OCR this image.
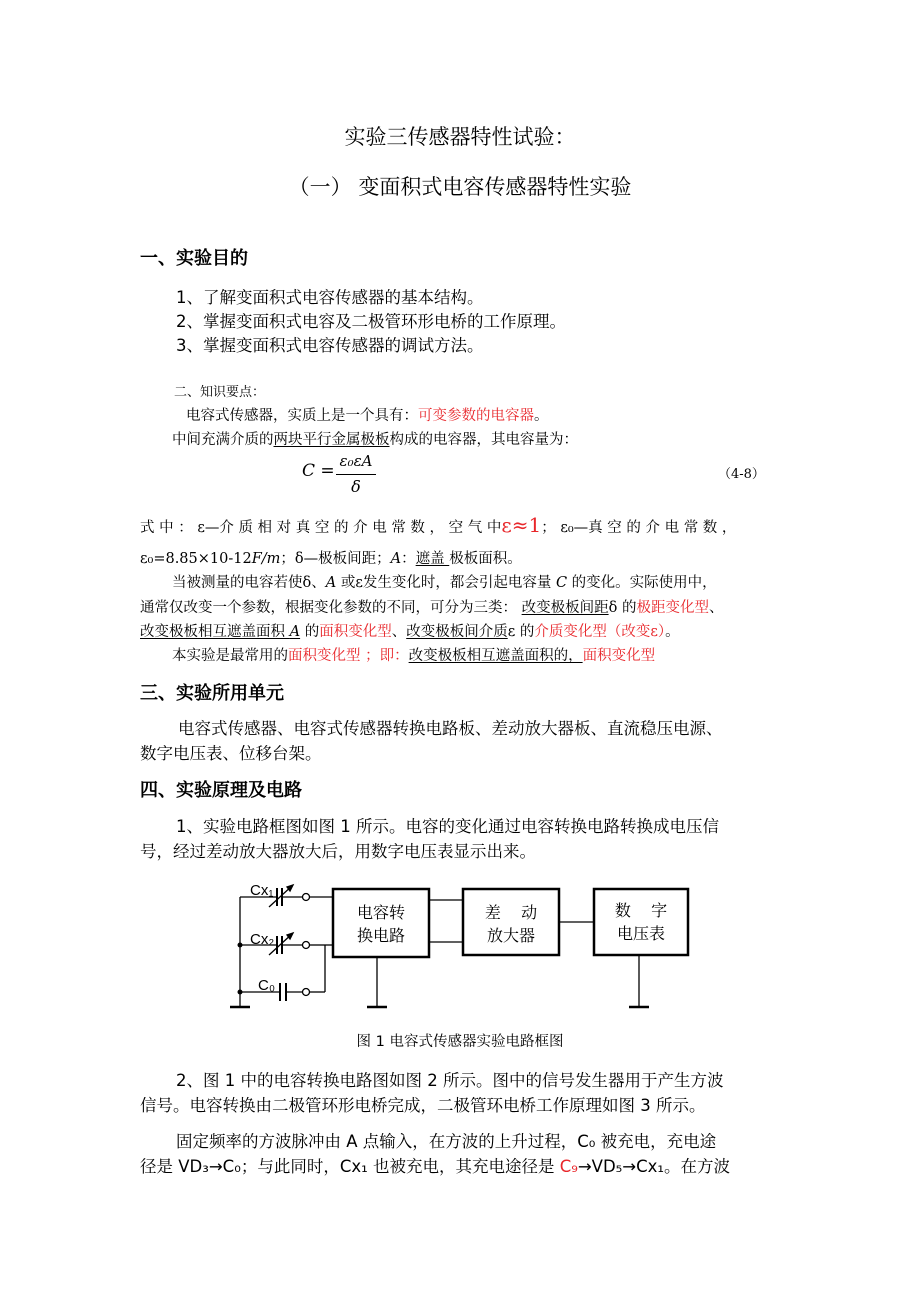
实验三传感器特性试验：
（一） 变面积式电容传感器特性实验
一、实验目的
1、了解变面积式电容传感器的基本结构。
2、掌握变面积式电容及二极管环形电桥的工作原理。
3、掌握变面积式电容传感器的调试方法。
二、知识要点：
电容式传感器，实质上是一个具有：可变参数的电容器。
中间充满介质的两块平行金属极板构成的电容器，其电容量为：
C = ε₀εA
δ
（4-8）
式 中 ： ε—介 质 相 对 真 空 的 介 电 常 数 ， 空 气 中ε≈1； ε₀—真 空 的 介 电 常 数 ，
ε₀=8.85×10-12F/m；δ—极板间距；A：遮盖 极板面积。
当被测量的电容若使δ、A 或ε发生变化时，都会引起电容量 C 的变化。实际使用中，
通常仅改变一个参数，根据变化参数的不同，可分为三类： 改变极板间距δ 的极距变化型、
改变极板相互遮盖面积 A 的面积变化型、改变极板间介质ε 的介质变化型（改变ε）。
本实验是最常用的面积变化型 ；即：改变极板相互遮盖面积的，面积变化型
三、实验所用单元
电容式传感器、电容式传感器转换电路板、差动放大器板、直流稳压电源、
数字电压表、位移台架。
四、实验原理及电路
1、实验电路框图如图 1 所示。电容的变化通过电容转换电路转换成电压信
号，经过差动放大器放大后，用数字电压表显示出来。
Cx₁
Cx₂
C₀
电容转
换电路
差    动
放大器
数    字
电压表
图 1 电容式传感器实验电路框图
2、图 1 中的电容转换电路图如图 2 所示。图中的信号发生器用于产生方波
信号。电容转换由二极管环形电桥完成，二极管环电桥工作原理如图 3 所示。
固定频率的方波脉冲由 A 点输入，在方波的上升过程，C₀ 被充电，充电途
径是 VD₃→C₀；与此同时，Cx₁ 也被充电，其充电途径是 C₉→VD₅→Cx₁。在方波
